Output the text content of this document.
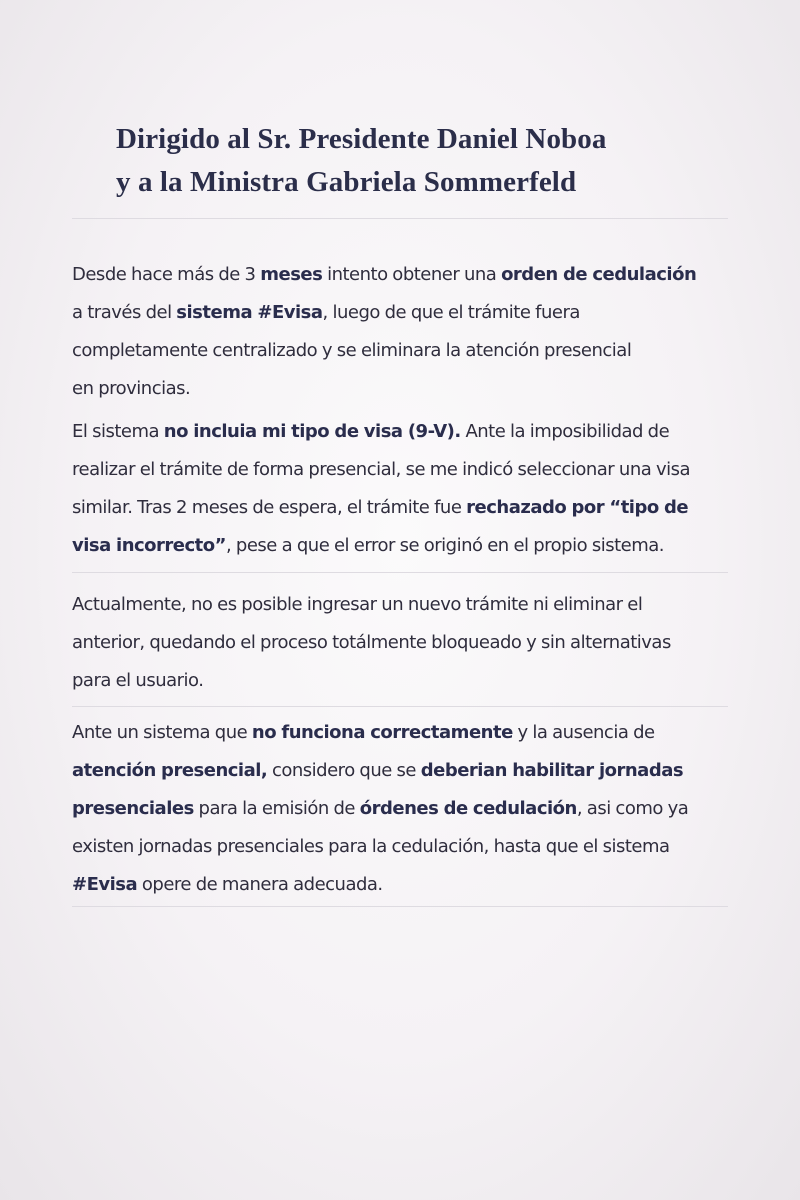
Dirigido al Sr. Presidente Daniel Noboa
y a la Ministra Gabriela Sommerfeld

Desde hace más de 3 meses intento obtener una orden de cedulación
a través del sistema #Evisa, luego de que el trámite fuera
completamente centralizado y se eliminara la atención presencial
en provincias.

El sistema no incluia mi tipo de visa (9-V). Ante la imposibilidad de
realizar el trámite de forma presencial, se me indicó seleccionar una visa
similar. Tras 2 meses de espera, el trámite fue rechazado por “tipo de
visa incorrecto”, pese a que el error se originó en el propio sistema.

Actualmente, no es posible ingresar un nuevo trámite ni eliminar el
anterior, quedando el proceso totálmente bloqueado y sin alternativas
para el usuario.

Ante un sistema que no funciona correctamente y la ausencia de
atención presencial, considero que se deberian habilitar jornadas
presenciales para la emisión de órdenes de cedulación, asi como ya
existen jornadas presenciales para la cedulación, hasta que el sistema
#Evisa opere de manera adecuada.
